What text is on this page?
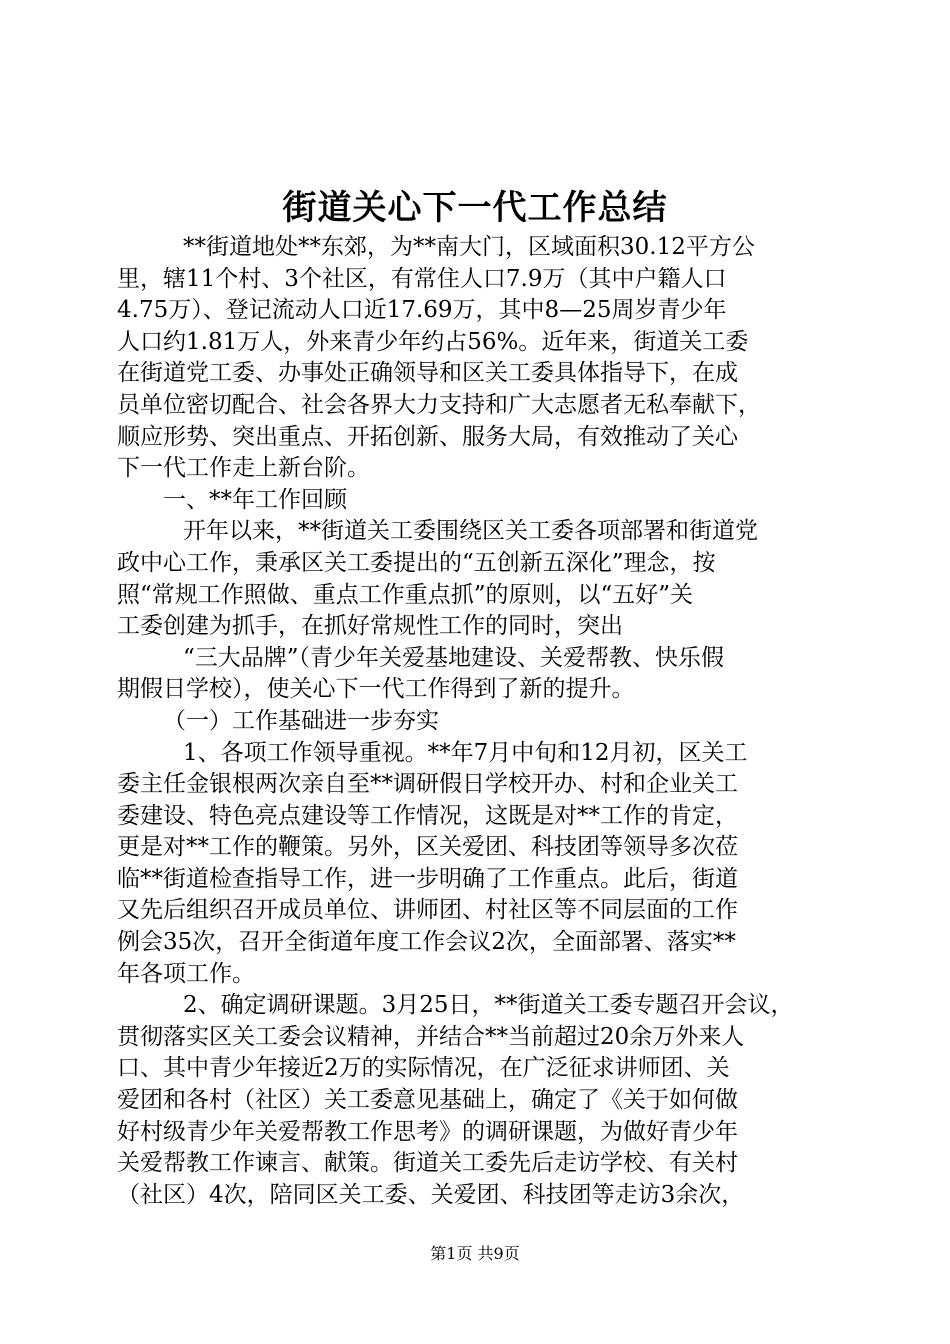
街道关心下一代工作总结
**街道地处**东郊，为**南大门，区域面积30.12平方公
里，辖11个村、3个社区，有常住人口7.9万（其中户籍人口
4.75万）、登记流动人口近17.69万，其中8—25周岁青少年
人口约1.81万人，外来青少年约占56%。近年来，街道关工委
在街道党工委、办事处正确领导和区关工委具体指导下，在成
员单位密切配合、社会各界大力支持和广大志愿者无私奉献下，
顺应形势、突出重点、开拓创新、服务大局，有效推动了关心
下一代工作走上新台阶。
一、**年工作回顾
开年以来，**街道关工委围绕区关工委各项部署和街道党
政中心工作，秉承区关工委提出的“五创新五深化”理念，按
照“常规工作照做、重点工作重点抓”的原则，以“五好”关
工委创建为抓手，在抓好常规性工作的同时，突出
“三大品牌”（青少年关爱基地建设、关爱帮教、快乐假
期假日学校），使关心下一代工作得到了新的提升。
（一）工作基础进一步夯实
1、各项工作领导重视。**年7月中旬和12月初，区关工
委主任金银根两次亲自至**调研假日学校开办、村和企业关工
委建设、特色亮点建设等工作情况，这既是对**工作的肯定，
更是对**工作的鞭策。另外，区关爱团、科技团等领导多次莅
临**街道检查指导工作，进一步明确了工作重点。此后，街道
又先后组织召开成员单位、讲师团、村社区等不同层面的工作
例会35次，召开全街道年度工作会议2次，全面部署、落实**
年各项工作。
2、确定调研课题。3月25日，**街道关工委专题召开会议，
贯彻落实区关工委会议精神，并结合**当前超过20余万外来人
口、其中青少年接近2万的实际情况，在广泛征求讲师团、关
爱团和各村（社区）关工委意见基础上，确定了《关于如何做
好村级青少年关爱帮教工作思考》的调研课题，为做好青少年
关爱帮教工作谏言、献策。街道关工委先后走访学校、有关村
（社区）4次，陪同区关工委、关爱团、科技团等走访3余次，
第1页 共9页
